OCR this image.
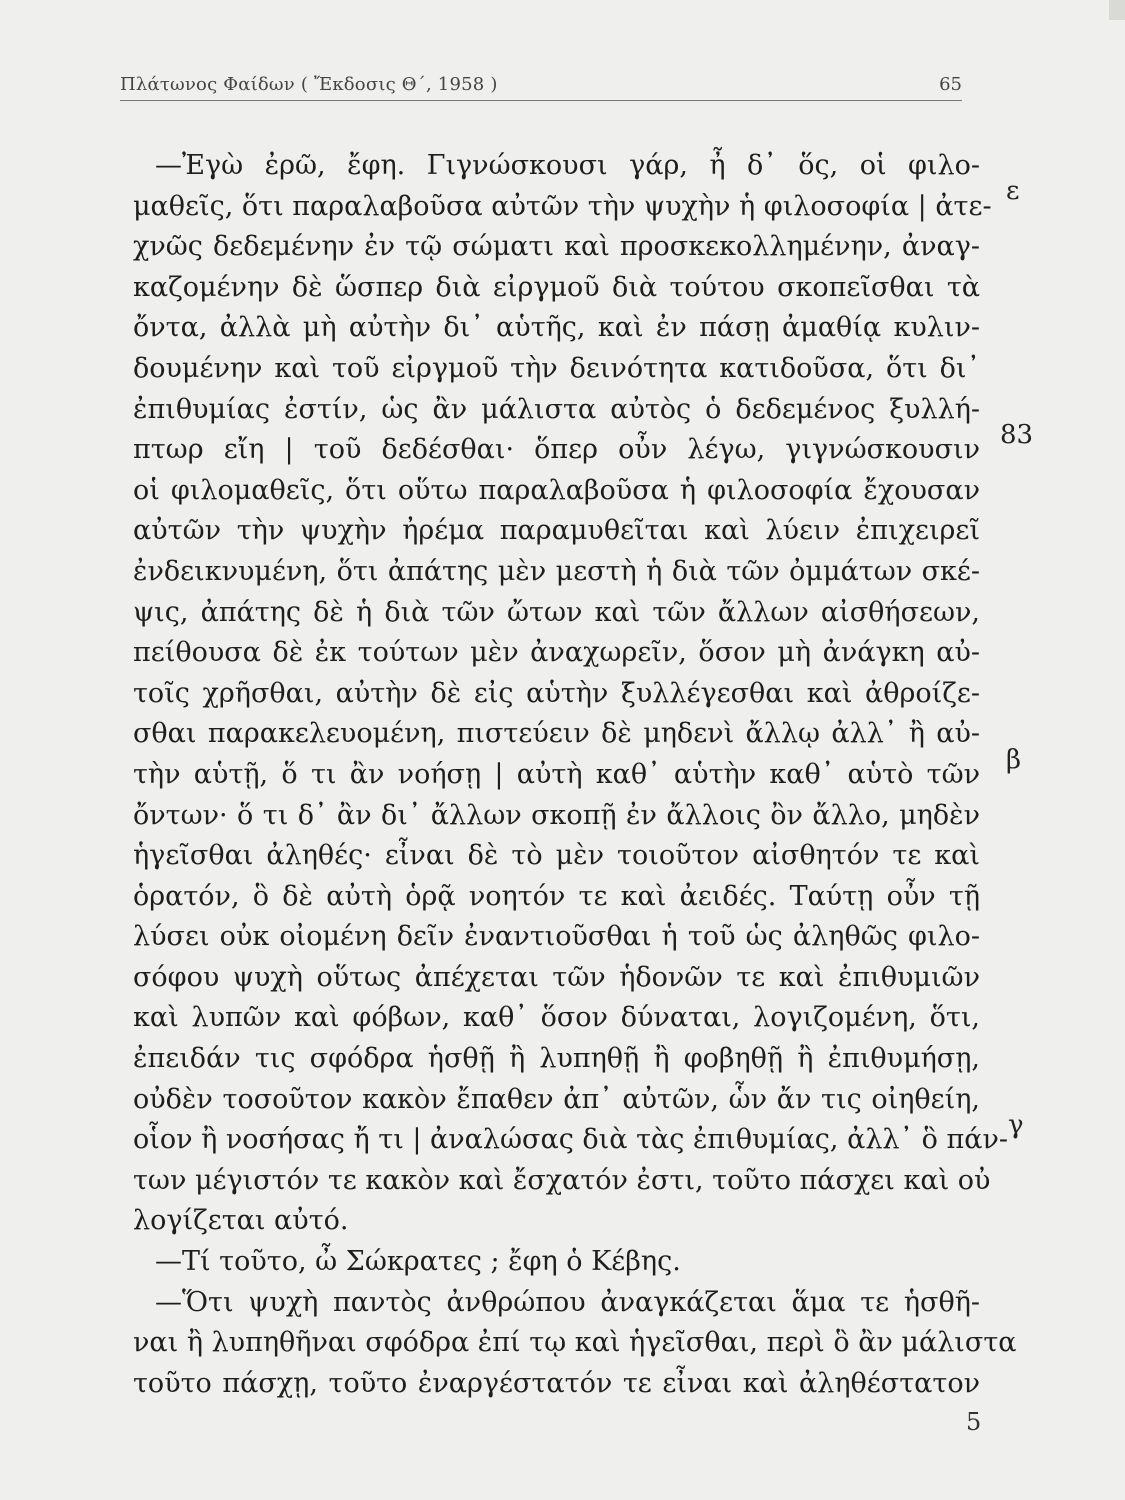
Πλάτωνος Φαίδων ( Ἔκδοσις Θ΄, 1958 )	65
—Ἐγὼ ἐρῶ, ἔφη. Γιγνώσκουσι γάρ, ἦ δ᾿ ὅς, οἱ φιλο-
μαθεῖς, ὅτι παραλαβοῦσα αὐτῶν τὴν ψυχὴν ἡ φιλοσοφία | ἀτε-
χνῶς δεδεμένην ἐν τῷ σώματι καὶ προσκεκολλημένην, ἀναγ-
καζομένην δὲ ὥσπερ διὰ εἰργμοῦ διὰ τούτου σκοπεῖσθαι τὰ
ὄντα, ἀλλὰ μὴ αὐτὴν δι᾿ αὑτῆς, καὶ ἐν πάσῃ ἀμαθίᾳ κυλιν-
δουμένην καὶ τοῦ εἰργμοῦ τὴν δεινότητα κατιδοῦσα, ὅτι δι᾿
ἐπιθυμίας ἐστίν, ὡς ἂν μάλιστα αὐτὸς ὁ δεδεμένος ξυλλή-
πτωρ εἴη | τοῦ δεδέσθαι· ὅπερ οὖν λέγω, γιγνώσκουσιν
οἱ φιλομαθεῖς, ὅτι οὕτω παραλαβοῦσα ἡ φιλοσοφία ἔχουσαν
αὐτῶν τὴν ψυχὴν ἠρέμα παραμυθεῖται καὶ λύειν ἐπιχειρεῖ
ἐνδεικνυμένη, ὅτι ἀπάτης μὲν μεστὴ ἡ διὰ τῶν ὀμμάτων σκέ-
ψις, ἀπάτης δὲ ἡ διὰ τῶν ὤτων καὶ τῶν ἄλλων αἰσθήσεων,
πείθουσα δὲ ἐκ τούτων μὲν ἀναχωρεῖν, ὅσον μὴ ἀνάγκη αὐ-
τοῖς χρῆσθαι, αὐτὴν δὲ εἰς αὑτὴν ξυλλέγεσθαι καὶ ἀθροίζε-
σθαι παρακελευομένη, πιστεύειν δὲ μηδενὶ ἄλλῳ ἀλλ᾿ ἢ αὐ-
τὴν αὑτῇ, ὅ τι ἂν νοήσῃ | αὐτὴ καθ᾿ αὑτὴν καθ᾿ αὑτὸ τῶν
ὄντων· ὅ τι δ᾿ ἂν δι᾿ ἄλλων σκοπῇ ἐν ἄλλοις ὂν ἄλλο, μηδὲν
ἡγεῖσθαι ἀληθές· εἶναι δὲ τὸ μὲν τοιοῦτον αἰσθητόν τε καὶ
ὁρατόν, ὃ δὲ αὐτὴ ὁρᾷ νοητόν τε καὶ ἀειδές. Ταύτῃ οὖν τῇ
λύσει οὐκ οἰομένη δεῖν ἐναντιοῦσθαι ἡ τοῦ ὡς ἀληθῶς φιλο-
σόφου ψυχὴ οὕτως ἀπέχεται τῶν ἡδονῶν τε καὶ ἐπιθυμιῶν
καὶ λυπῶν καὶ φόβων, καθ᾿ ὅσον δύναται, λογιζομένη, ὅτι,
ἐπειδάν τις σφόδρα ἡσθῇ ἢ λυπηθῇ ἢ φοβηθῇ ἢ ἐπιθυμήσῃ,
οὐδὲν τοσοῦτον κακὸν ἔπαθεν ἀπ᾿ αὐτῶν, ὧν ἄν τις οἰηθείη,
οἷον ἢ νοσήσας ἤ τι | ἀναλώσας διὰ τὰς ἐπιθυμίας, ἀλλ᾿ ὃ πάν-
των μέγιστόν τε κακὸν καὶ ἔσχατόν ἐστι, τοῦτο πάσχει καὶ οὐ
λογίζεται αὐτό.
—Τί τοῦτο, ὦ Σώκρατες ; ἔφη ὁ Κέβης.
—Ὅτι ψυχὴ παντὸς ἀνθρώπου ἀναγκάζεται ἅμα τε ἡσθῆ-
ναι ἢ λυπηθῆναι σφόδρα ἐπί τῳ καὶ ἡγεῖσθαι, περὶ ὃ ἂν μάλιστα
τοῦτο πάσχῃ, τοῦτο ἐναργέστατόν τε εἶναι καὶ ἀληθέστατον
ε
83
β
γ
5
